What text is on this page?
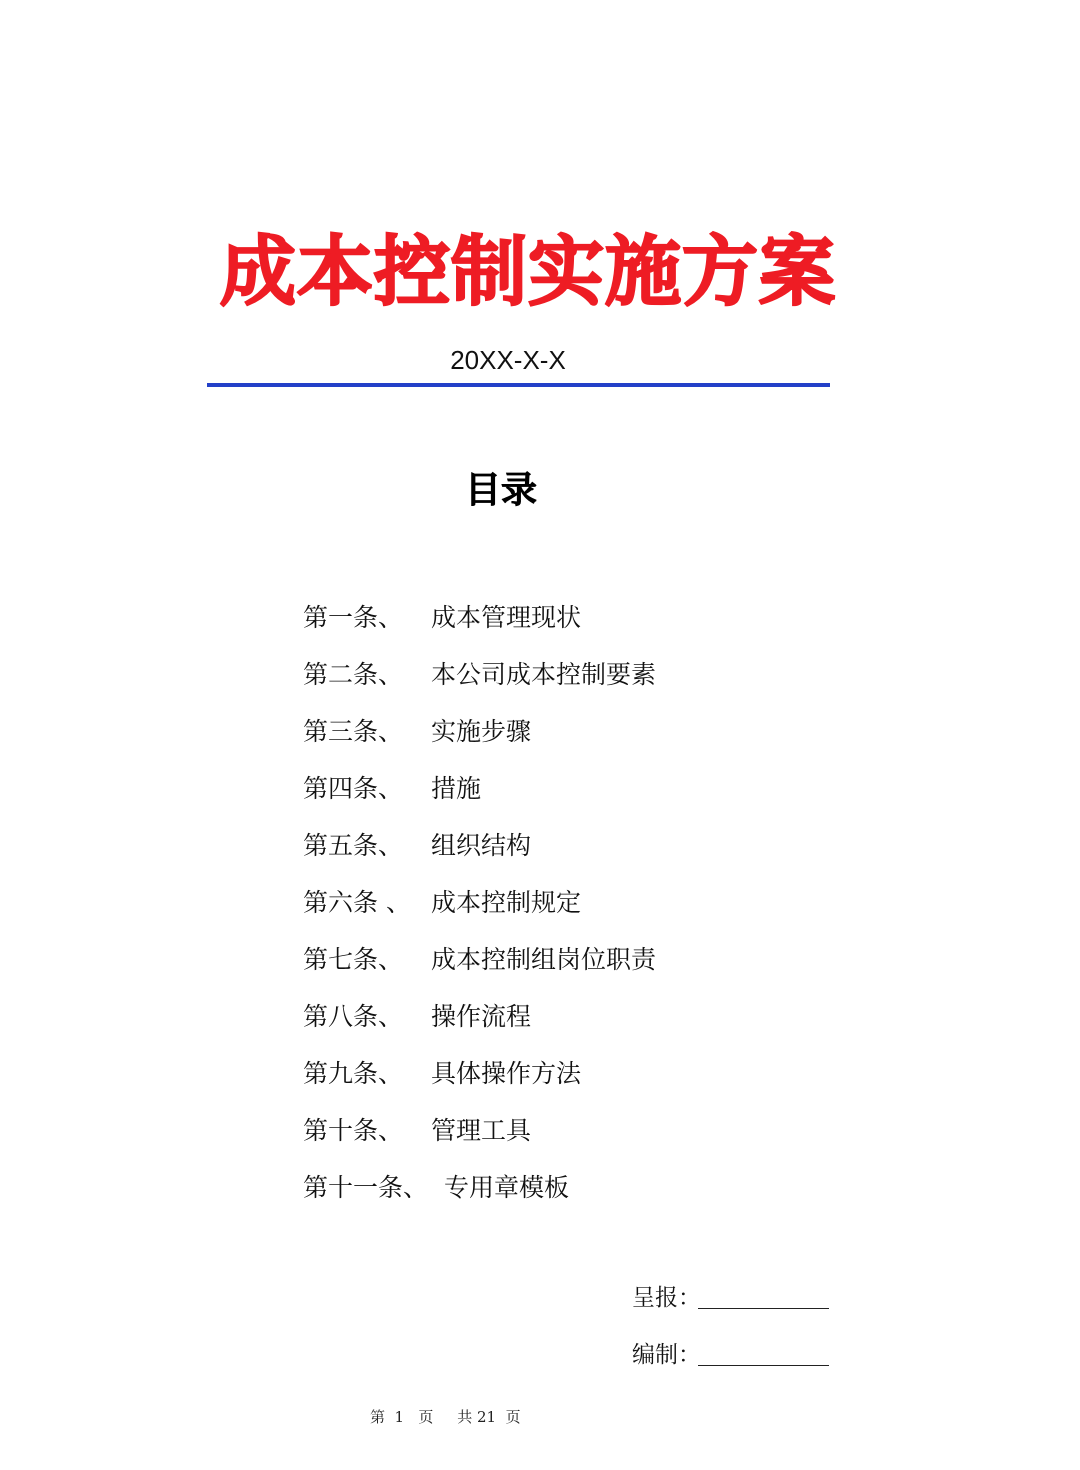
成本控制实施方案
20XX-X-X
目录
第一条、 成本管理现状
第二条、 本公司成本控制要素
第三条、 实施步骤
第四条、 措施
第五条、 组织结构
第六条 、 成本控制规定
第七条、 成本控制组岗位职责
第八条、 操作流程
第九条、 具体操作方法
第十条、 管理工具
第十一条、 专用章模板
呈报：
编制：
第  1   页     共 21  页
